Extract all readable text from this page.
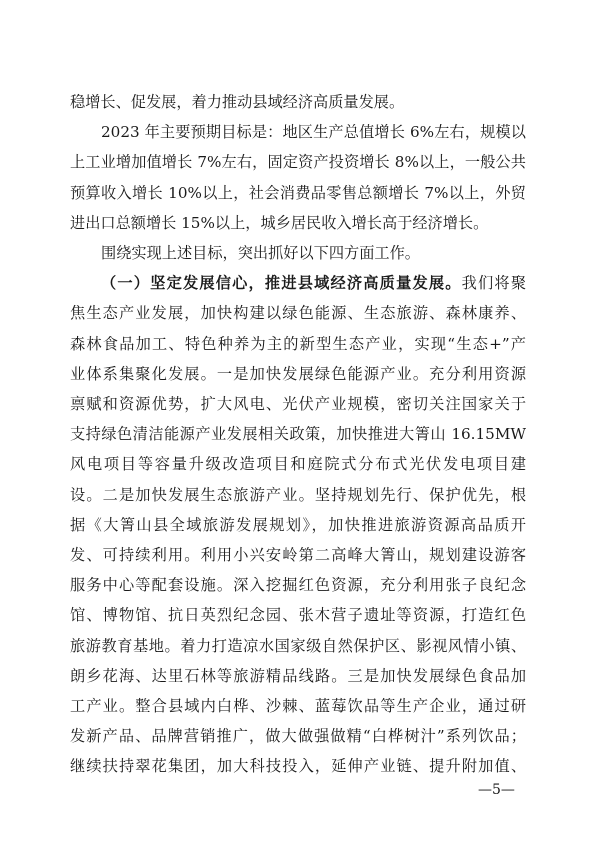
稳增长、促发展，着力推动县域经济高质量发展。
2023 年主要预期目标是：地区生产总值增长 6%左右，规模以
上工业增加值增长 7%左右，固定资产投资增长 8%以上，一般公共
预算收入增长 10%以上，社会消费品零售总额增长 7%以上，外贸
进出口总额增长 15%以上，城乡居民收入增长高于经济增长。
围绕实现上述目标，突出抓好以下四方面工作。
（一）坚定发展信心，推进县域经济高质量发展。我们将聚
焦生态产业发展，加快构建以绿色能源、生态旅游、森林康养、
森林食品加工、特色种养为主的新型生态产业，实现“生态+”产
业体系集聚化发展。一是加快发展绿色能源产业。充分利用资源
禀赋和资源优势，扩大风电、光伏产业规模，密切关注国家关于
支持绿色清洁能源产业发展相关政策，加快推进大箐山 16.15MW
风电项目等容量升级改造项目和庭院式分布式光伏发电项目建
设。二是加快发展生态旅游产业。坚持规划先行、保护优先，根
据《大箐山县全域旅游发展规划》，加快推进旅游资源高品质开
发、可持续利用。利用小兴安岭第二高峰大箐山，规划建设游客
服务中心等配套设施。深入挖掘红色资源，充分利用张子良纪念
馆、博物馆、抗日英烈纪念园、张木营子遗址等资源，打造红色
旅游教育基地。着力打造凉水国家级自然保护区、影视风情小镇、
朗乡花海、达里石林等旅游精品线路。三是加快发展绿色食品加
工产业。整合县域内白桦、沙棘、蓝莓饮品等生产企业，通过研
发新产品、品牌营销推广，做大做强做精“白桦树汁”系列饮品；
继续扶持翠花集团，加大科技投入，延伸产业链、提升附加值、
—5—
